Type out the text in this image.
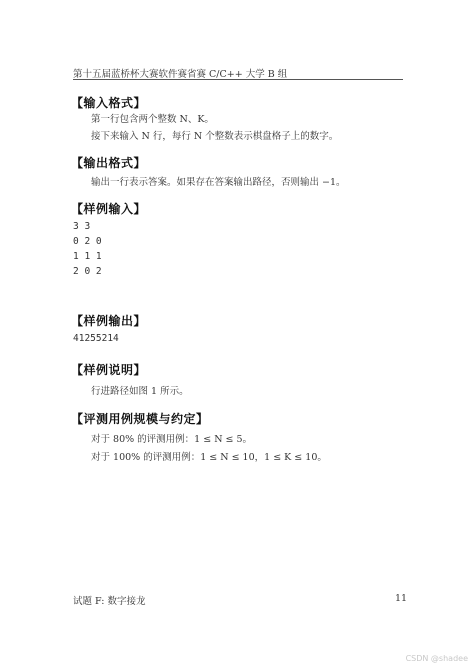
第十五届蓝桥杯大赛软件赛省赛 C/C++ 大学 B 组
【输入格式】
第一行包含两个整数 N、K。
接下来输入 N 行，每行 N 个整数表示棋盘格子上的数字。
【输出格式】
输出一行表示答案。如果存在答案输出路径，否则输出 −1。
【样例输入】
3 3
0 2 0
1 1 1
2 0 2
【样例输出】
41255214
【样例说明】
行进路径如图 1 所示。
【评测用例规模与约定】
对于 80% 的评测用例：1 ≤ N ≤ 5。
对于 100% 的评测用例：1 ≤ N ≤ 10，1 ≤ K ≤ 10。
试题 F: 数字接龙	11
CSDN @shadee
